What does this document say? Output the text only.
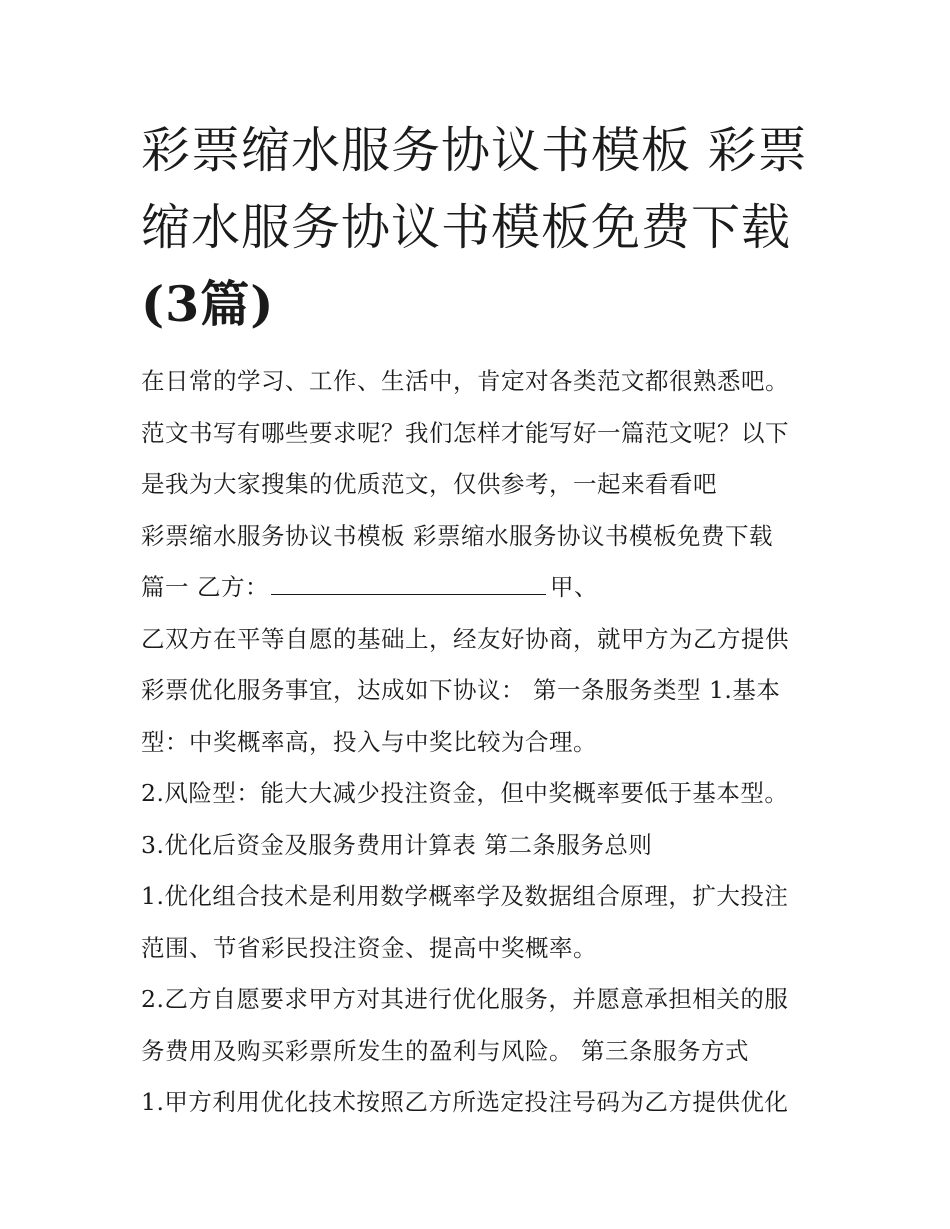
彩票缩水服务协议书模板 彩票缩水服务协议书模板免费下载
(3篇)
在日常的学习、工作、生活中，肯定对各类范文都很熟悉吧。
范文书写有哪些要求呢？我们怎样才能写好一篇范文呢？以下
是我为大家搜集的优质范文，仅供参考，一起来看看吧
彩票缩水服务协议书模板 彩票缩水服务协议书模板免费下载
篇一 乙方：	甲、
乙双方在平等自愿的基础上，经友好协商，就甲方为乙方提供
彩票优化服务事宜，达成如下协议： 第一条服务类型 1.基本
型：中奖概率高，投入与中奖比较为合理。
2.风险型：能大大减少投注资金，但中奖概率要低于基本型。
3.优化后资金及服务费用计算表 第二条服务总则
1.优化组合技术是利用数学概率学及数据组合原理，扩大投注
范围、节省彩民投注资金、提高中奖概率。
2.乙方自愿要求甲方对其进行优化服务，并愿意承担相关的服
务费用及购买彩票所发生的盈利与风险。 第三条服务方式
1.甲方利用优化技术按照乙方所选定投注号码为乙方提供优化
